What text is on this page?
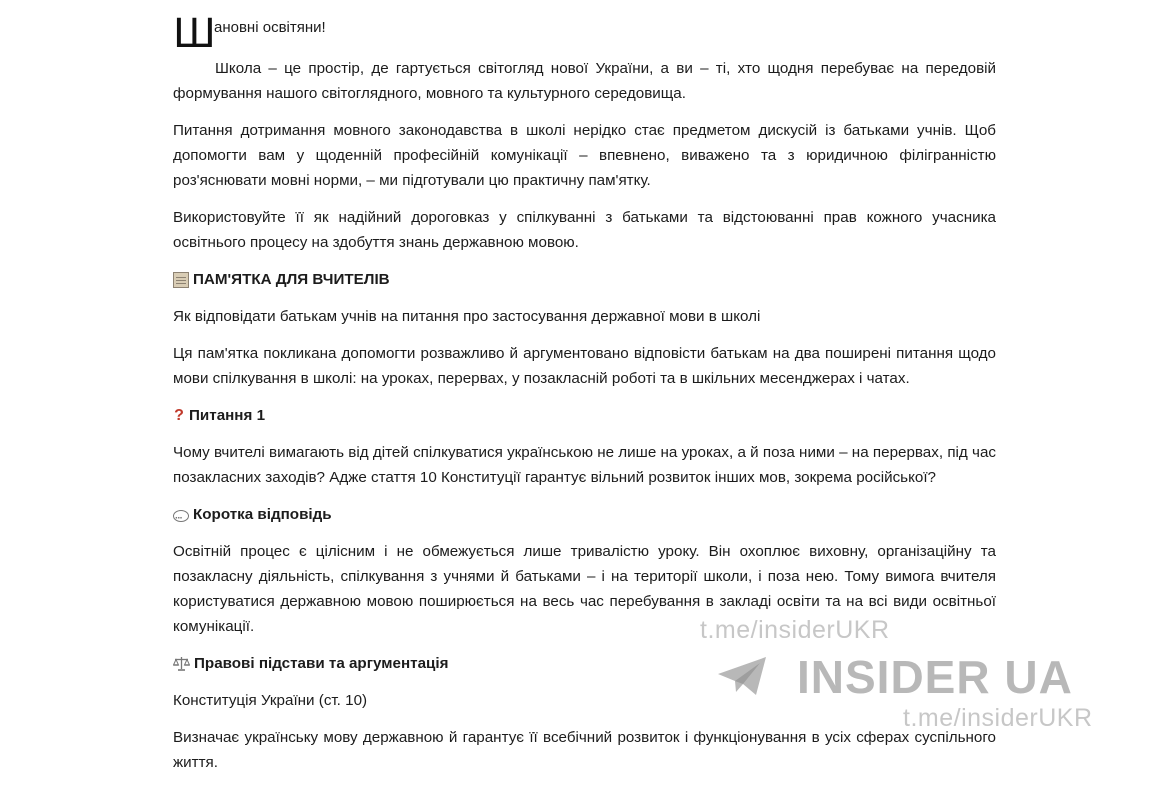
Ш
ановні освітяни!

Школа – це простір, де гартується світогляд нової України, а ви – ті, хто щодня перебуває на передовій формування нашого світоглядного, мовного та культурного середовища.

Питання дотримання мовного законодавства в школі нерідко стає предметом дискусій із батьками учнів. Щоб допомогти вам у щоденній професійній комунікації – впевнено, виважено та з юридичною філігранністю роз'яснювати мовні норми, – ми підготували цю практичну пам'ятку.

Використовуйте її як надійний дороговказ у спілкуванні з батьками та відстоюванні прав кожного учасника освітнього процесу на здобуття знань державною мовою.

ПАМ'ЯТКА ДЛЯ ВЧИТЕЛІВ

Як відповідати батькам учнів на питання про застосування державної мови в школі

Ця пам'ятка покликана допомогти розважливо й аргументовано відповісти батькам на два поширені питання щодо мови спілкування в школі: на уроках, перервах, у позакласній роботі та в шкільних месенджерах і чатах.

? Питання 1

Чому вчителі вимагають від дітей спілкуватися українською не лише на уроках, а й поза ними – на перервах, під час позакласних заходів? Адже стаття 10 Конституції гарантує вільний розвиток інших мов, зокрема російської?

···
Коротка відповідь

Освітній процес є цілісним і не обмежується лише тривалістю уроку. Він охоплює виховну, організаційну та позакласну діяльність, спілкування з учнями й батьками – і на території школи, і поза нею. Тому вимога вчителя користуватися державною мовою поширюється на весь час перебування в закладі освіти та на всі види освітньої комунікації.

Правові підстави та аргументація

Конституція України (ст. 10)

Визначає українську мову державною й гарантує її всебічний розвиток і функціонування в усіх сферах суспільного життя.

t.me/insiderUKR
INSIDER UA
t.me/insiderUKR
